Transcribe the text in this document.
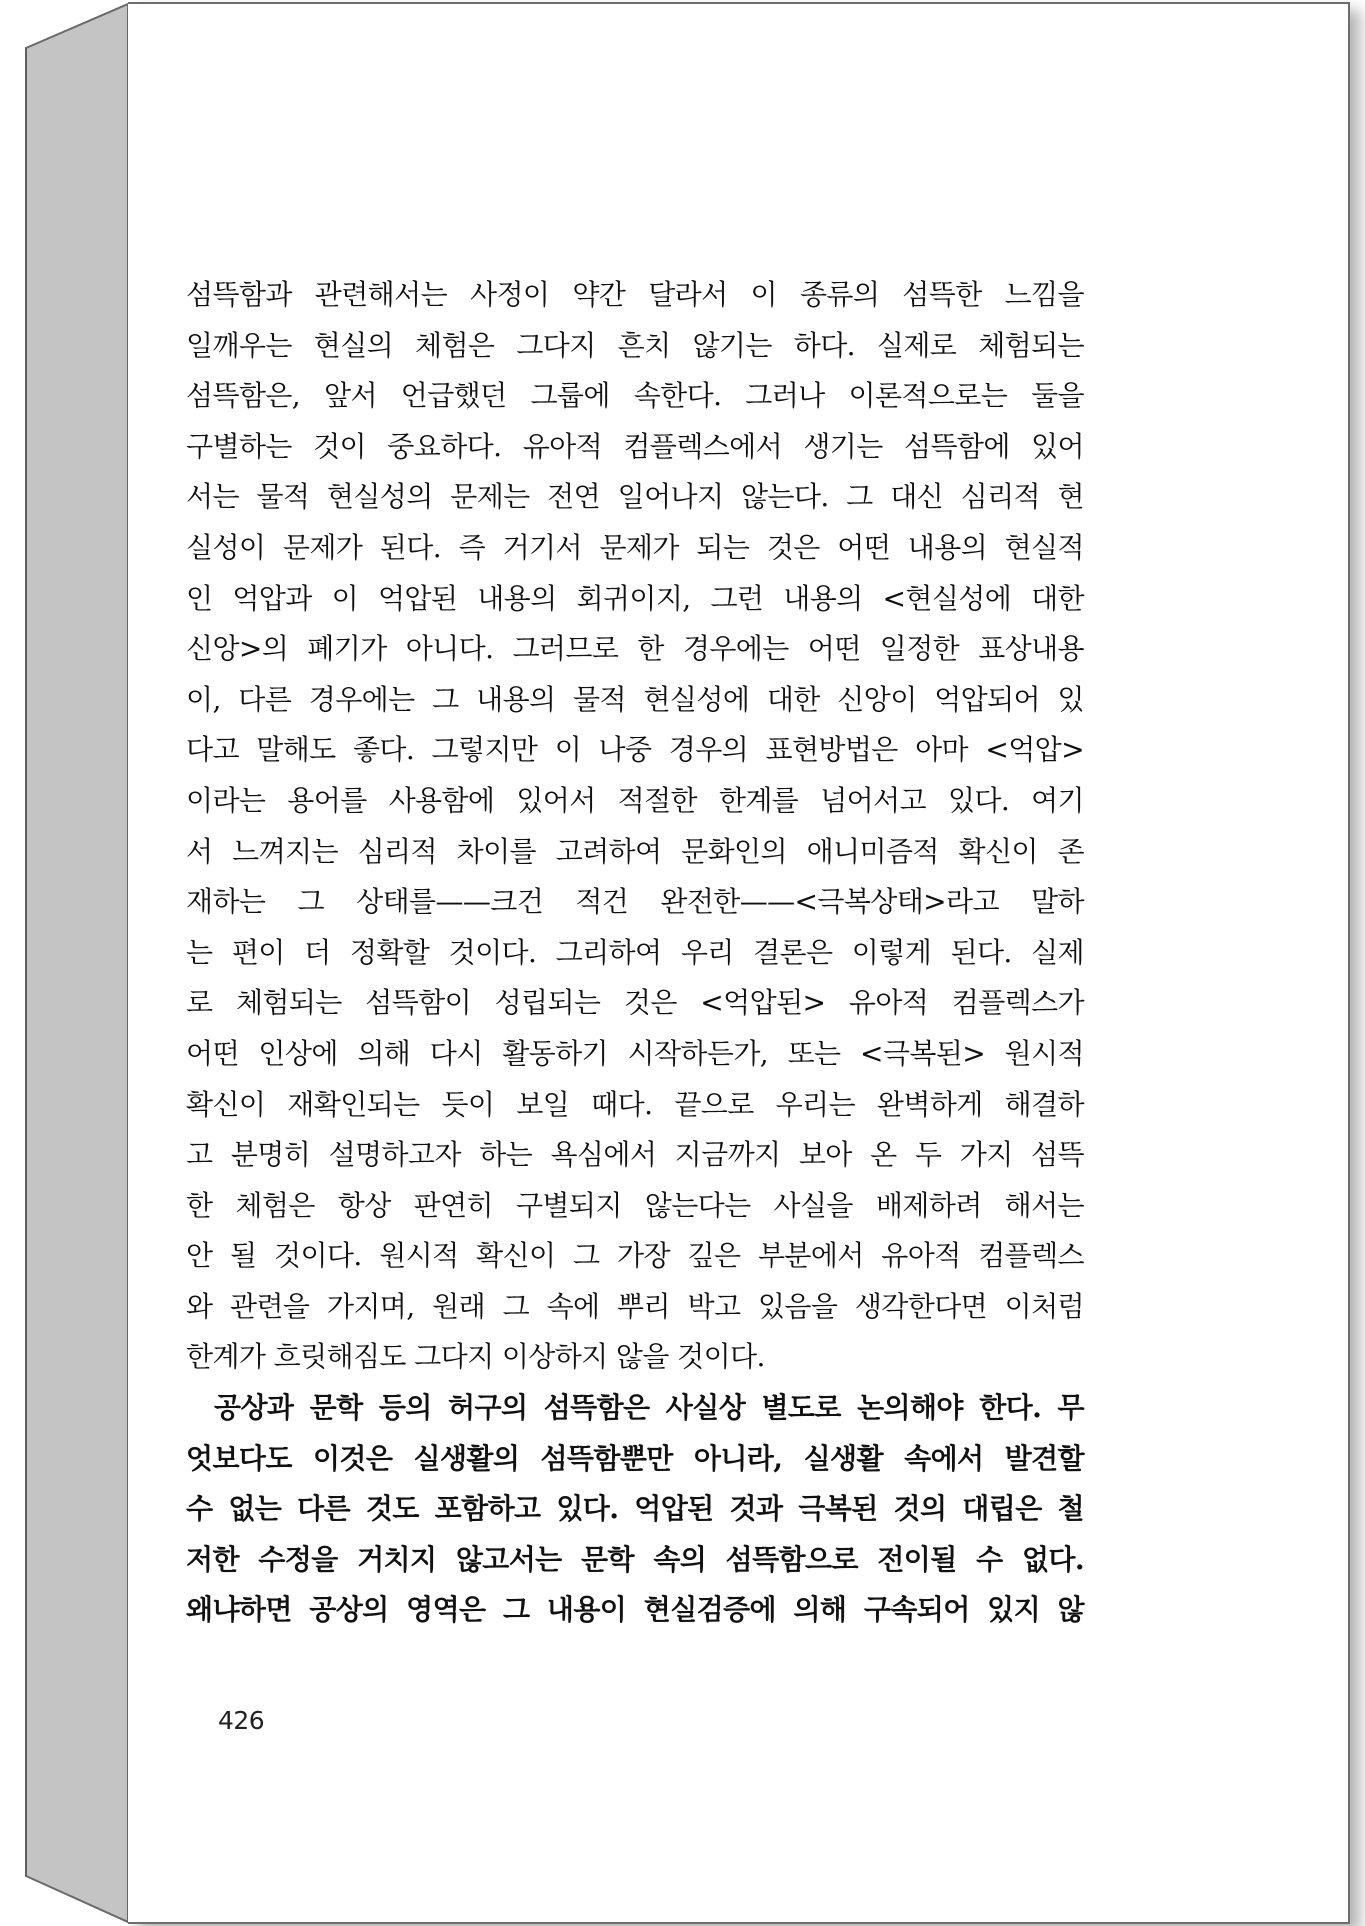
섬뜩함과 관련해서는 사정이 약간 달라서 이 종류의 섬뜩한 느낌을
일깨우는 현실의 체험은 그다지 흔치 않기는 하다. 실제로 체험되는
섬뜩함은, 앞서 언급했던 그룹에 속한다. 그러나 이론적으로는 둘을
구별하는 것이 중요하다. 유아적 컴플렉스에서 생기는 섬뜩함에 있어
서는 물적 현실성의 문제는 전연 일어나지 않는다. 그 대신 심리적 현
실성이 문제가 된다. 즉 거기서 문제가 되는 것은 어떤 내용의 현실적
인 억압과 이 억압된 내용의 회귀이지, 그런 내용의 <현실성에 대한
신앙>의 폐기가 아니다. 그러므로 한 경우에는 어떤 일정한 표상내용
이, 다른 경우에는 그 내용의 물적 현실성에 대한 신앙이 억압되어 있
다고 말해도 좋다. 그렇지만 이 나중 경우의 표현방법은 아마 <억압>
이라는 용어를 사용함에 있어서 적절한 한계를 넘어서고 있다. 여기
서 느껴지는 심리적 차이를 고려하여 문화인의 애니미즘적 확신이 존
재하는 그 상태를——크건 적건 완전한——<극복상태>라고 말하
는 편이 더 정확할 것이다. 그리하여 우리 결론은 이렇게 된다. 실제
로 체험되는 섬뜩함이 성립되는 것은 <억압된> 유아적 컴플렉스가
어떤 인상에 의해 다시 활동하기 시작하든가, 또는 <극복된> 원시적
확신이 재확인되는 듯이 보일 때다. 끝으로 우리는 완벽하게 해결하
고 분명히 설명하고자 하는 욕심에서 지금까지 보아 온 두 가지 섬뜩
한 체험은 항상 판연히 구별되지 않는다는 사실을 배제하려 해서는
안 될 것이다. 원시적 확신이 그 가장 깊은 부분에서 유아적 컴플렉스
와 관련을 가지며, 원래 그 속에 뿌리 박고 있음을 생각한다면 이처럼
한계가 흐릿해짐도 그다지 이상하지 않을 것이다.
공상과 문학 등의 허구의 섬뜩함은 사실상 별도로 논의해야 한다. 무
엇보다도 이것은 실생활의 섬뜩함뿐만 아니라, 실생활 속에서 발견할
수 없는 다른 것도 포함하고 있다. 억압된 것과 극복된 것의 대립은 철
저한 수정을 거치지 않고서는 문학 속의 섬뜩함으로 전이될 수 없다.
왜냐하면 공상의 영역은 그 내용이 현실검증에 의해 구속되어 있지 않
426
